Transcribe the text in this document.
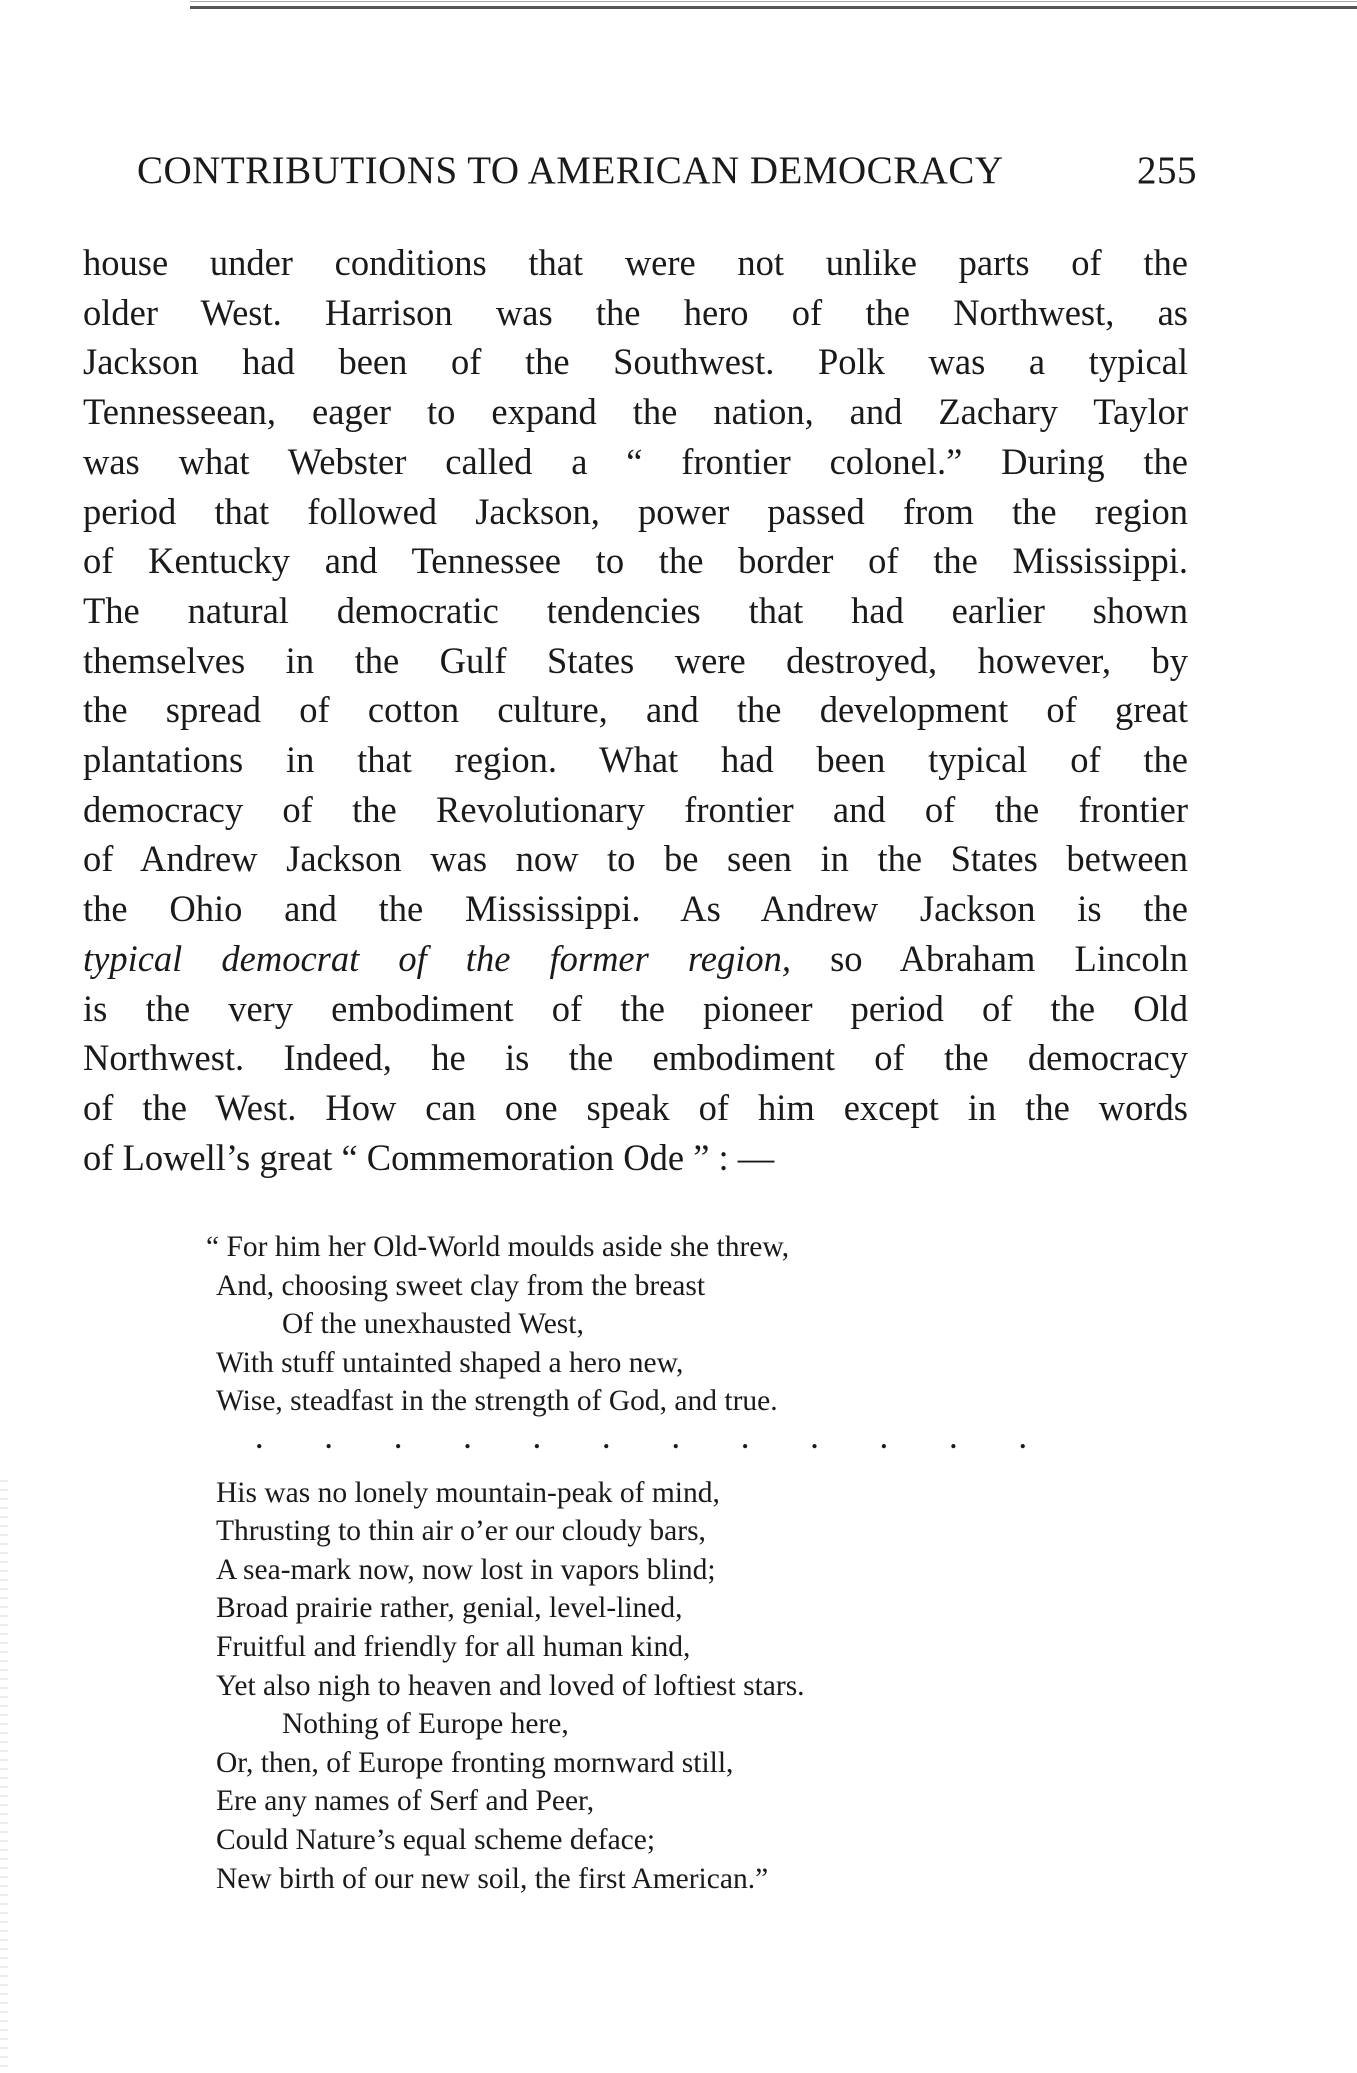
CONTRIBUTIONS TO AMERICAN DEMOCRACY	255
house under conditions that were not unlike parts of the
older West. Harrison was the hero of the Northwest, as
Jackson had been of the Southwest. Polk was a typical
Tennesseean, eager to expand the nation, and Zachary Taylor
was what Webster called a “ frontier colonel.” During the
period that followed Jackson, power passed from the region
of Kentucky and Tennessee to the border of the Mississippi.
The natural democratic tendencies that had earlier shown
themselves in the Gulf States were destroyed, however, by
the spread of cotton culture, and the development of great
plantations in that region. What had been typical of the
democracy of the Revolutionary frontier and of the frontier
of Andrew Jackson was now to be seen in the States between
the Ohio and the Mississippi. As Andrew Jackson is the
typical democrat of the former region, so Abraham Lincoln
is the very embodiment of the pioneer period of the Old
Northwest. Indeed, he is the embodiment of the democracy
of the West. How can one speak of him except in the words
of Lowell’s great “ Commemoration Ode ” : —
“ For him her Old-World moulds aside she threw,
And, choosing sweet clay from the breast
Of the unexhausted West,
With stuff untainted shaped a hero new,
Wise, steadfast in the strength of God, and true.
. . . . . . . . . . . .
His was no lonely mountain-peak of mind,
Thrusting to thin air o’er our cloudy bars,
A sea-mark now, now lost in vapors blind;
Broad prairie rather, genial, level-lined,
Fruitful and friendly for all human kind,
Yet also nigh to heaven and loved of loftiest stars.
Nothing of Europe here,
Or, then, of Europe fronting mornward still,
Ere any names of Serf and Peer,
Could Nature’s equal scheme deface;
New birth of our new soil, the first American.”
